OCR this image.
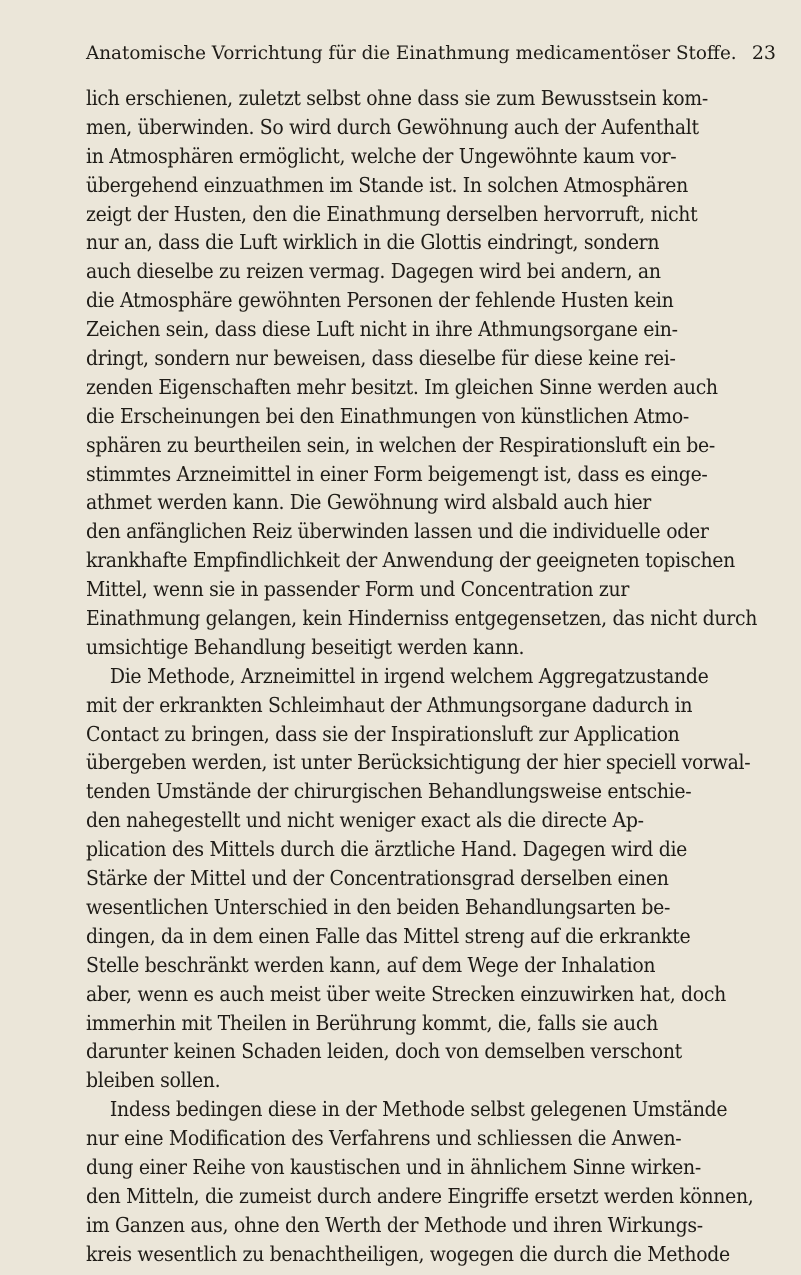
Anatomische Vorrichtung für die Einathmung medicamentöser Stoffe. 23
lich erschienen, zuletzt selbst ohne dass sie zum Bewusstsein kom-
men, überwinden. So wird durch Gewöhnung auch der Aufenthalt
in Atmosphären ermöglicht, welche der Ungewöhnte kaum vor-
übergehend einzuathmen im Stande ist. In solchen Atmosphären
zeigt der Husten, den die Einathmung derselben hervorruft, nicht
nur an, dass die Luft wirklich in die Glottis eindringt, sondern
auch dieselbe zu reizen vermag. Dagegen wird bei andern, an
die Atmosphäre gewöhnten Personen der fehlende Husten kein
Zeichen sein, dass diese Luft nicht in ihre Athmungsorgane ein-
dringt, sondern nur beweisen, dass dieselbe für diese keine rei-
zenden Eigenschaften mehr besitzt. Im gleichen Sinne werden auch
die Erscheinungen bei den Einathmungen von künstlichen Atmo-
sphären zu beurtheilen sein, in welchen der Respirationsluft ein be-
stimmtes Arzneimittel in einer Form beigemengt ist, dass es einge-
athmet werden kann. Die Gewöhnung wird alsbald auch hier
den anfänglichen Reiz überwinden lassen und die individuelle oder
krankhafte Empfindlichkeit der Anwendung der geeigneten topischen
Mittel, wenn sie in passender Form und Concentration zur
Einathmung gelangen, kein Hinderniss entgegensetzen, das nicht durch
umsichtige Behandlung beseitigt werden kann.
Die Methode, Arzneimittel in irgend welchem Aggregatzustande
mit der erkrankten Schleimhaut der Athmungsorgane dadurch in
Contact zu bringen, dass sie der Inspirationsluft zur Application
übergeben werden, ist unter Berücksichtigung der hier speciell vorwal-
tenden Umstände der chirurgischen Behandlungsweise entschie-
den nahegestellt und nicht weniger exact als die directe Ap-
plication des Mittels durch die ärztliche Hand. Dagegen wird die
Stärke der Mittel und der Concentrationsgrad derselben einen
wesentlichen Unterschied in den beiden Behandlungsarten be-
dingen, da in dem einen Falle das Mittel streng auf die erkrankte
Stelle beschränkt werden kann, auf dem Wege der Inhalation
aber, wenn es auch meist über weite Strecken einzuwirken hat, doch
immerhin mit Theilen in Berührung kommt, die, falls sie auch
darunter keinen Schaden leiden, doch von demselben verschont
bleiben sollen.
Indess bedingen diese in der Methode selbst gelegenen Umstände
nur eine Modification des Verfahrens und schliessen die Anwen-
dung einer Reihe von kaustischen und in ähnlichem Sinne wirken-
den Mitteln, die zumeist durch andere Eingriffe ersetzt werden können,
im Ganzen aus, ohne den Werth der Methode und ihren Wirkungs-
kreis wesentlich zu benachtheiligen, wogegen die durch die Methode
